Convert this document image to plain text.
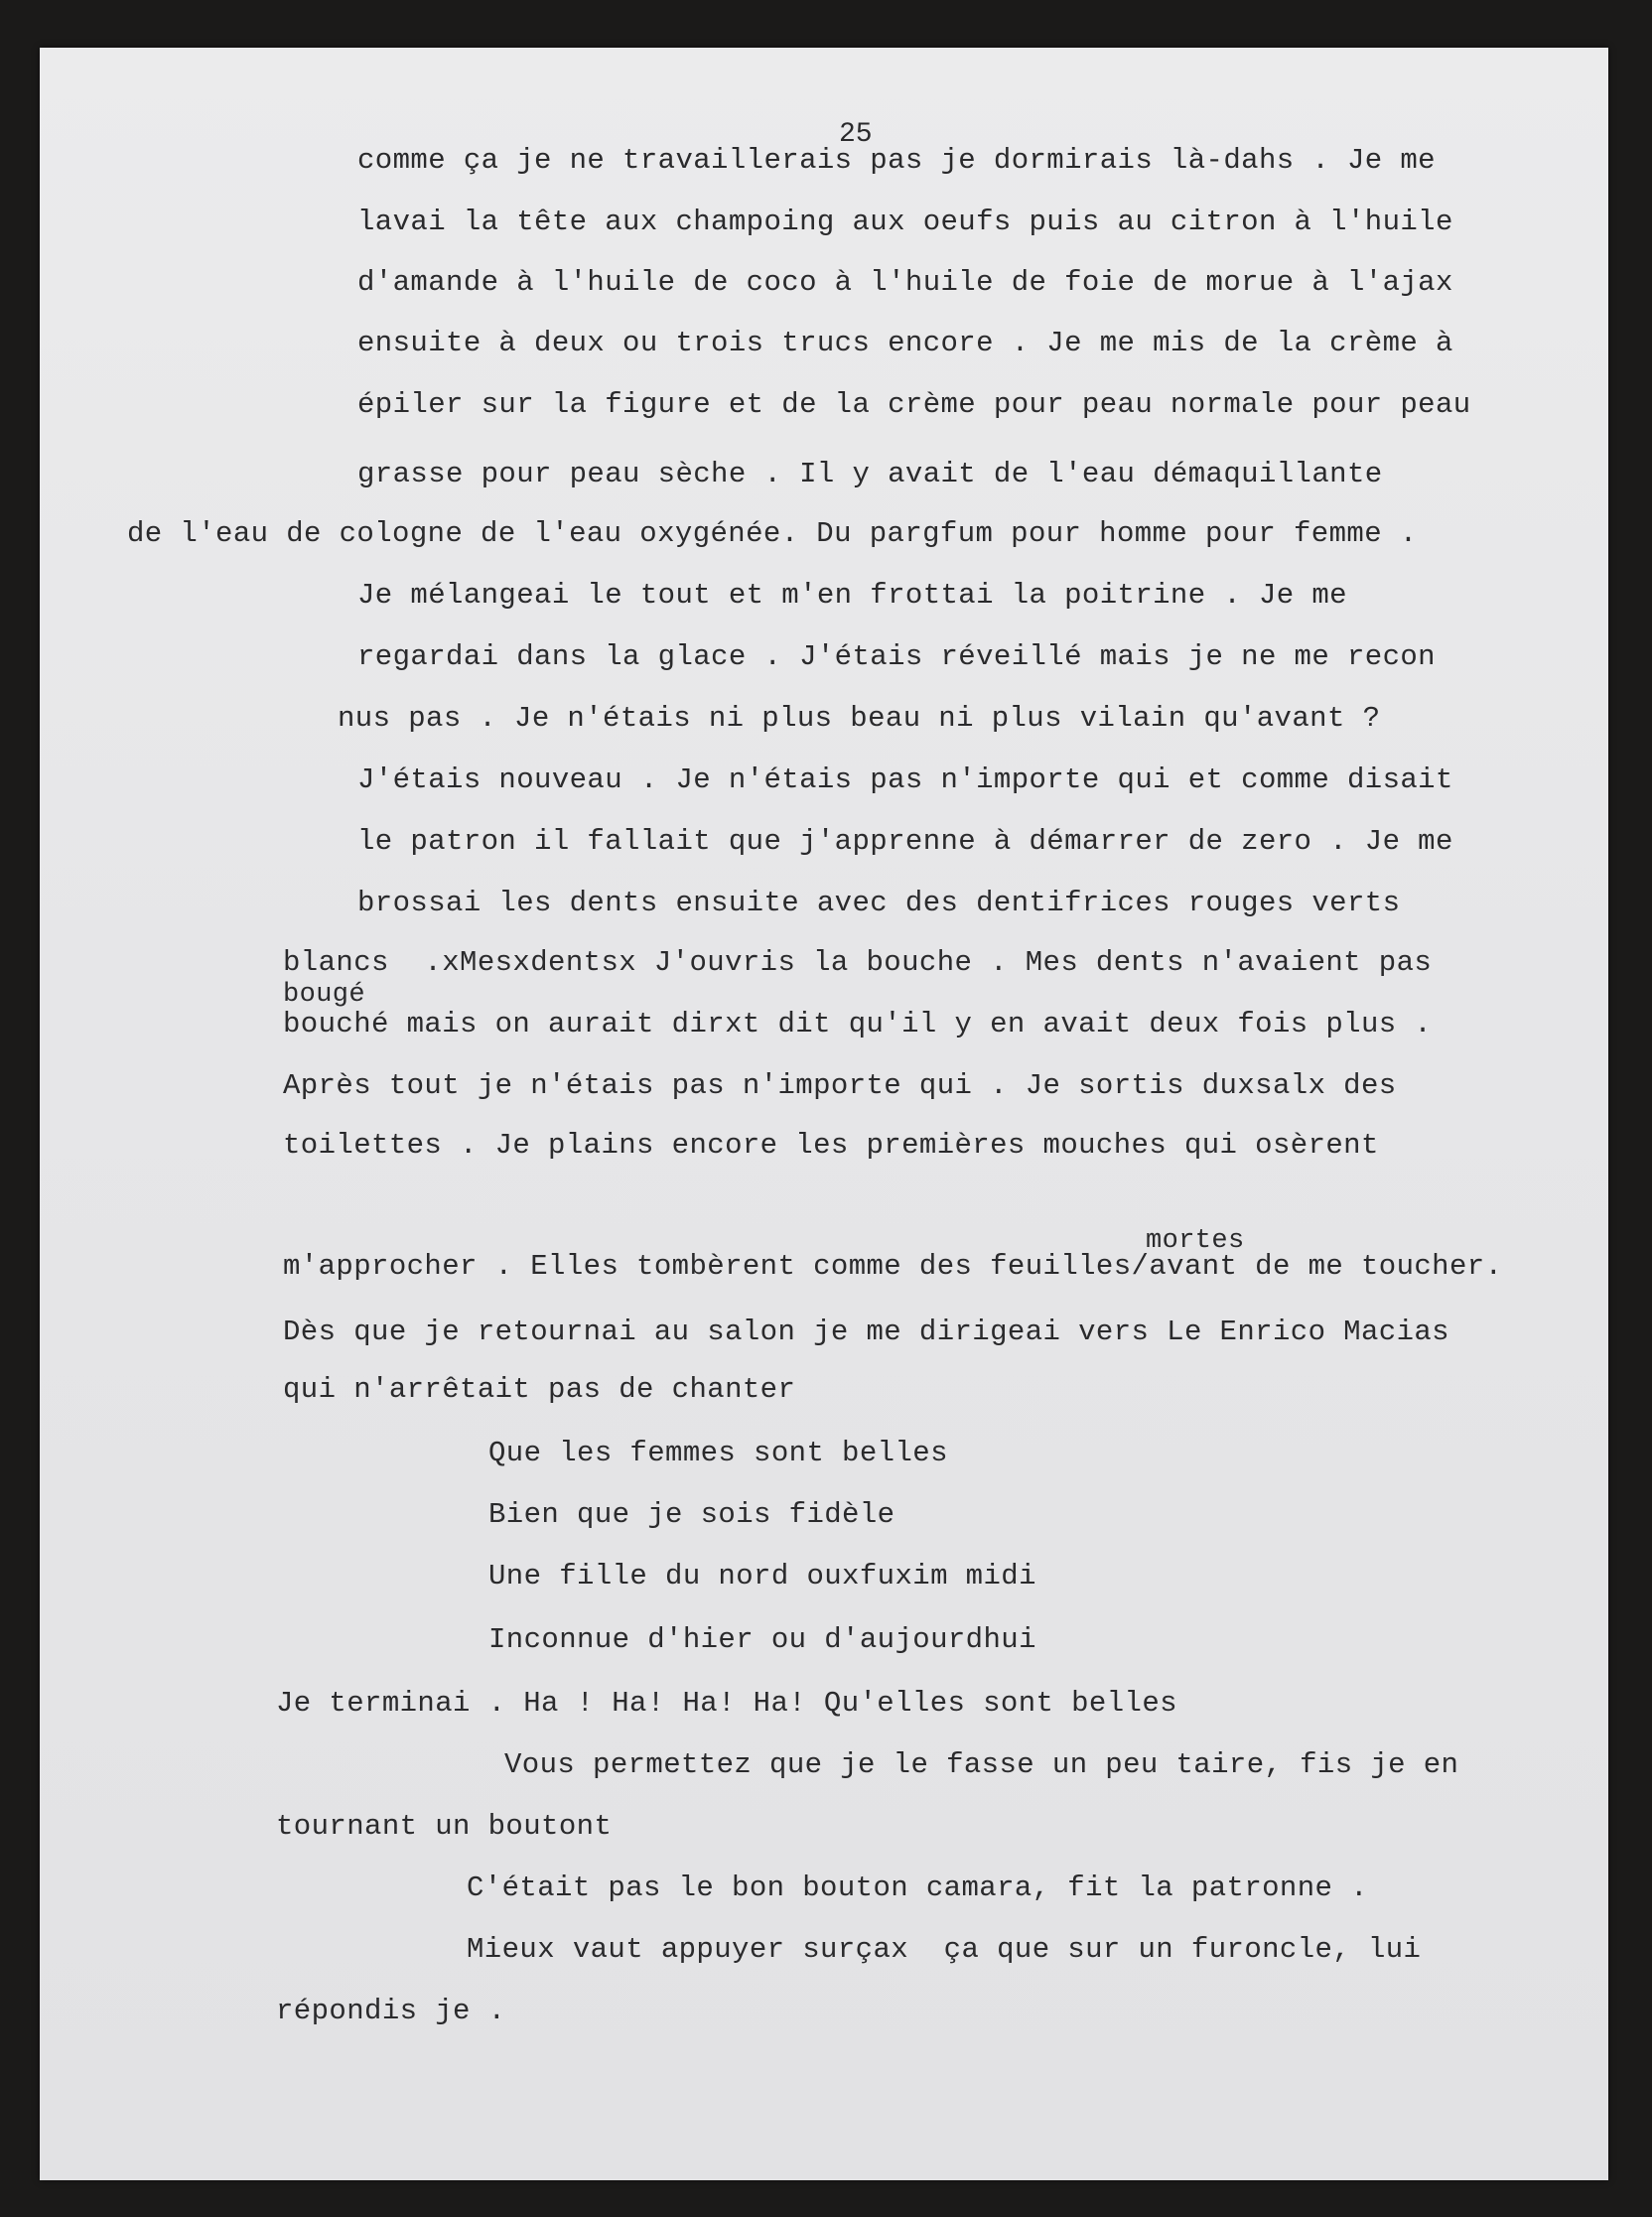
25
comme ça je ne travaillerais pas je dormirais là-dahs . Je me
lavai la tête aux champoing aux oeufs puis au citron à l'huile
d'amande à l'huile de coco à l'huile de foie de morue à l'ajax
ensuite à deux ou trois trucs encore . Je me mis de la crème à
épiler sur la figure et de la crème pour peau normale pour peau
grasse pour peau sèche . Il y avait de l'eau démaquillante
de l'eau de cologne de l'eau oxygénée. Du pargfum pour homme pour femme .
Je mélangeai le tout et m'en frottai la poitrine . Je me
regardai dans la glace . J'étais réveillé mais je ne me recon
nus pas . Je n'étais ni plus beau ni plus vilain qu'avant ?
J'étais nouveau . Je n'étais pas n'importe qui et comme disait
le patron il fallait que j'apprenne à démarrer de zero . Je me
brossai les dents ensuite avec des dentifrices rouges verts
blancs  .xMesxdentsx J'ouvris la bouche . Mes dents n'avaient pas
bougé
bouché mais on aurait dirxt dit qu'il y en avait deux fois plus .
Après tout je n'étais pas n'importe qui . Je sortis duxsalx des
toilettes . Je plains encore les premières mouches qui osèrent
mortes
m'approcher . Elles tombèrent comme des feuilles/avant de me toucher.
Dès que je retournai au salon je me dirigeai vers Le Enrico Macias
qui n'arrêtait pas de chanter
Que les femmes sont belles
Bien que je sois fidèle
Une fille du nord ouxfuxim midi
Inconnue d'hier ou d'aujourdhui
Je terminai . Ha ! Ha! Ha! Ha! Qu'elles sont belles
Vous permettez que je le fasse un peu taire, fis je en
tournant un boutont
C'était pas le bon bouton camara, fit la patronne .
Mieux vaut appuyer surçax  ça que sur un furoncle, lui
répondis je .
